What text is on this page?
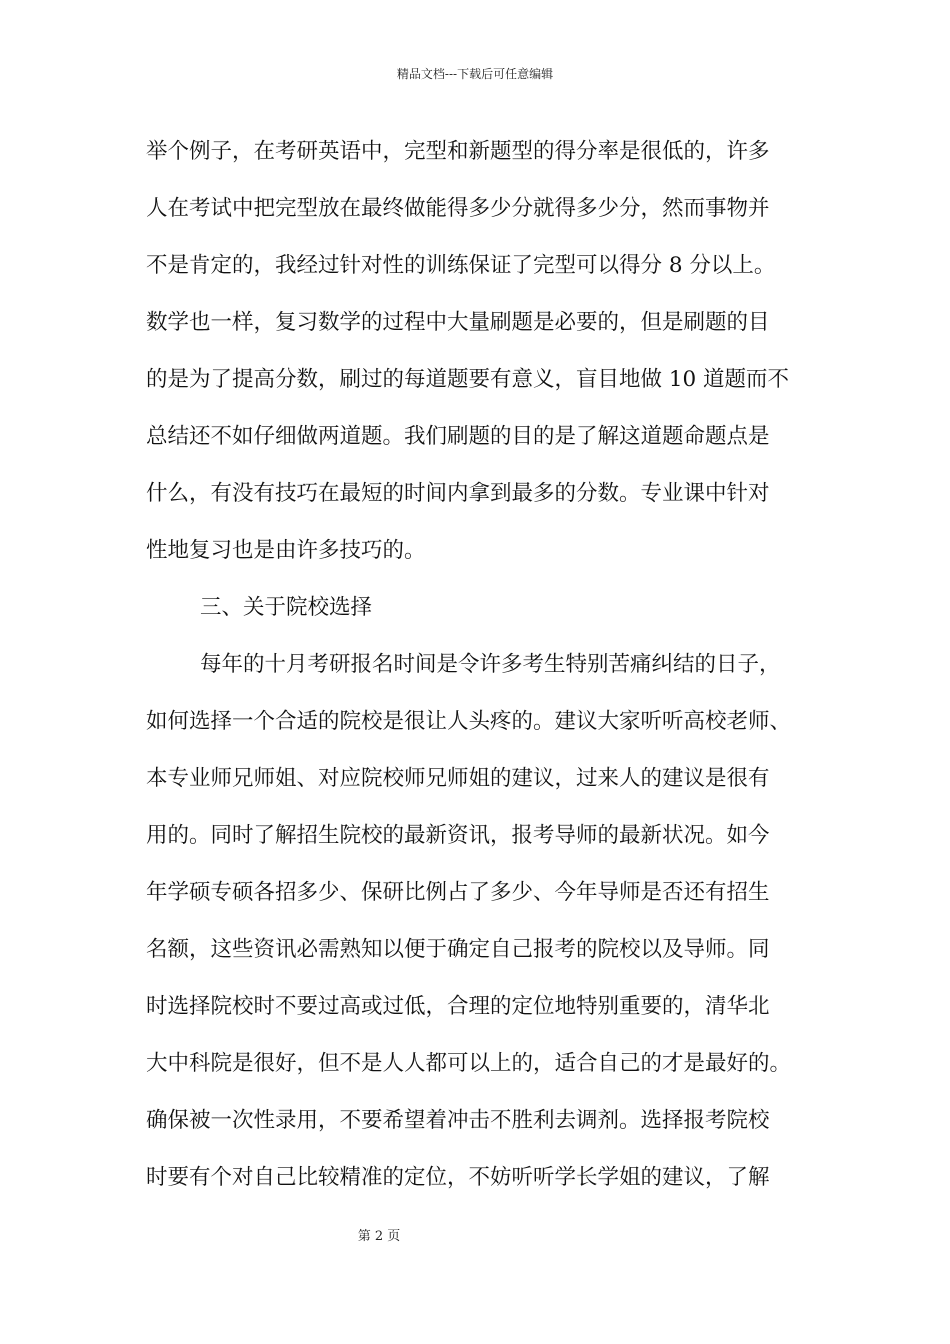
精品文档---下载后可任意编辑
举个例子，在考研英语中，完型和新题型的得分率是很低的，许多
人在考试中把完型放在最终做能得多少分就得多少分，然而事物并
不是肯定的，我经过针对性的训练保证了完型可以得分 8 分以上。
数学也一样，复习数学的过程中大量刷题是必要的，但是刷题的目
的是为了提高分数，刷过的每道题要有意义，盲目地做 10 道题而不
总结还不如仔细做两道题。我们刷题的目的是了解这道题命题点是
什么，有没有技巧在最短的时间内拿到最多的分数。专业课中针对
性地复习也是由许多技巧的。
三、关于院校选择
每年的十月考研报名时间是令许多考生特别苦痛纠结的日子，
如何选择一个合适的院校是很让人头疼的。建议大家听听高校老师、
本专业师兄师姐、对应院校师兄师姐的建议，过来人的建议是很有
用的。同时了解招生院校的最新资讯，报考导师的最新状况。如今
年学硕专硕各招多少、保研比例占了多少、今年导师是否还有招生
名额，这些资讯必需熟知以便于确定自己报考的院校以及导师。同
时选择院校时不要过高或过低，合理的定位地特别重要的，清华北
大中科院是很好，但不是人人都可以上的，适合自己的才是最好的。
确保被一次性录用，不要希望着冲击不胜利去调剂。选择报考院校
时要有个对自己比较精准的定位，不妨听听学长学姐的建议，了解
第 2 页
